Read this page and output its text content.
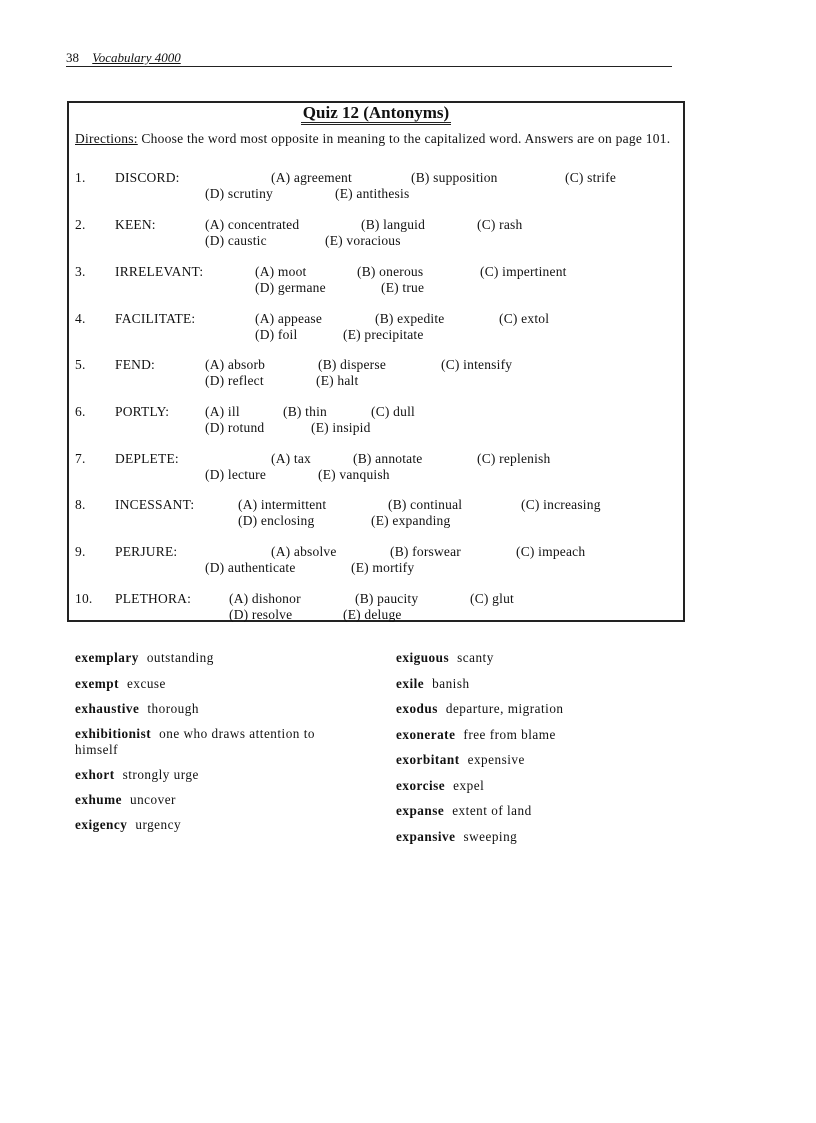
38 Vocabulary 4000
Quiz 12 (Antonyms)
Directions: Choose the word most opposite in meaning to the capitalized word. Answers are on page 101.
1. DISCORD:	(A) agreement	(B) supposition	(C) strife
(D) scrutiny	(E) antithesis
2. KEEN:	(A) concentrated	(B) languid	(C) rash
(D) caustic	(E) voracious
3. IRRELEVANT:	(A) moot	(B) onerous	(C) impertinent
(D) germane	(E) true
4. FACILITATE:	(A) appease	(B) expedite	(C) extol
(D) foil	(E) precipitate
5. FEND:	(A) absorb	(B) disperse	(C) intensify
(D) reflect	(E) halt
6. PORTLY:	(A) ill	(B) thin	(C) dull
(D) rotund	(E) insipid
7. DEPLETE:	(A) tax	(B) annotate	(C) replenish
(D) lecture	(E) vanquish
8. INCESSANT:	(A) intermittent	(B) continual	(C) increasing
(D) enclosing	(E) expanding
9. PERJURE:	(A) absolve	(B) forswear	(C) impeach
(D) authenticate	(E) mortify
10. PLETHORA:	(A) dishonor	(B) paucity	(C) glut
(D) resolve	(E) deluge
exemplary outstanding
exempt excuse
exhaustive thorough
exhibitionist one who draws attention to himself
exhort strongly urge
exhume uncover
exigency urgency
exiguous scanty
exile banish
exodus departure, migration
exonerate free from blame
exorbitant expensive
exorcise expel
expanse extent of land
expansive sweeping
